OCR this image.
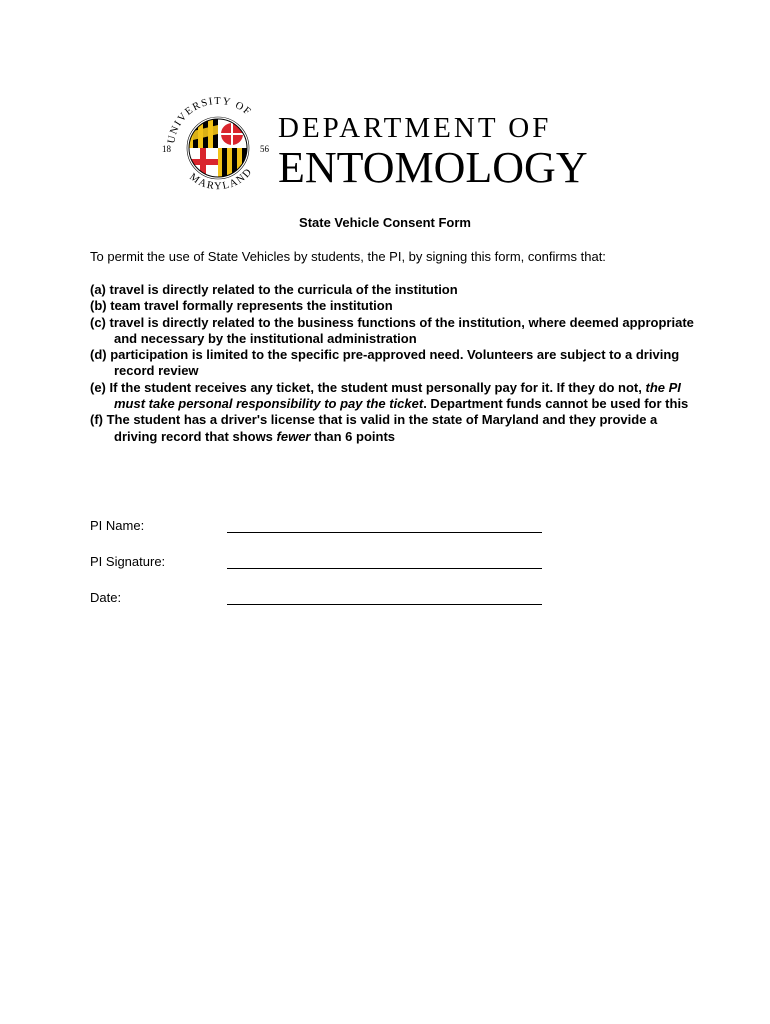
UNIVERSITY OF
MARYLAND
18	56
DEPARTMENT OF
ENTOMOLOGY
State Vehicle Consent Form
To permit the use of State Vehicles by students, the PI, by signing this form, confirms that:

(a) travel is directly related to the curricula of the institution

(b) team travel formally represents the institution

(c) travel is directly related to the business functions of the institution, where deemed appropriate and necessary by the institutional administration

(d) participation is limited to the specific pre-approved need. Volunteers are subject to a driving record review

(e) If the student receives any ticket, the student must personally pay for it. If they do not, the PI must take personal responsibility to pay the ticket. Department funds cannot be used for this

(f) The student has a driver's license that is valid in the state of Maryland and they provide a driving record that shows fewer than 6 points

PI Name:
PI Signature:
Date:
